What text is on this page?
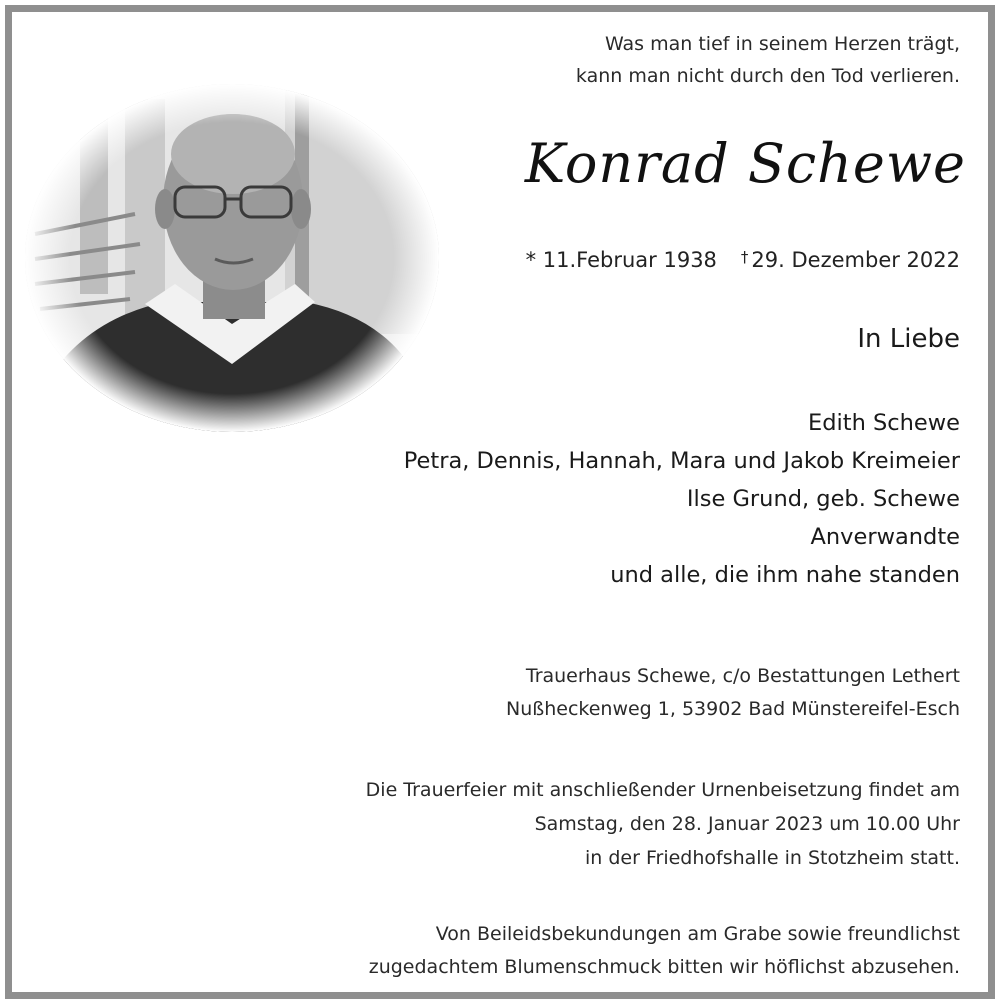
Was man tief in seinem Herzen trägt,
kann man nicht durch den Tod verlieren.
Konrad Schewe
* 11.Februar 1938 † 29. Dezember 2022
In Liebe
Edith Schewe
Petra, Dennis, Hannah, Mara und Jakob Kreimeier
Ilse Grund, geb. Schewe
Anverwandte
und alle, die ihm nahe standen
Trauerhaus Schewe, c/o Bestattungen Lethert
Nußheckenweg 1, 53902 Bad Münstereifel-Esch
Die Trauerfeier mit anschließender Urnenbeisetzung findet am
Samstag, den 28. Januar 2023 um 10.00 Uhr
in der Friedhofshalle in Stotzheim statt.
Von Beileidsbekundungen am Grabe sowie freundlichst
zugedachtem Blumenschmuck bitten wir höflichst abzusehen.
